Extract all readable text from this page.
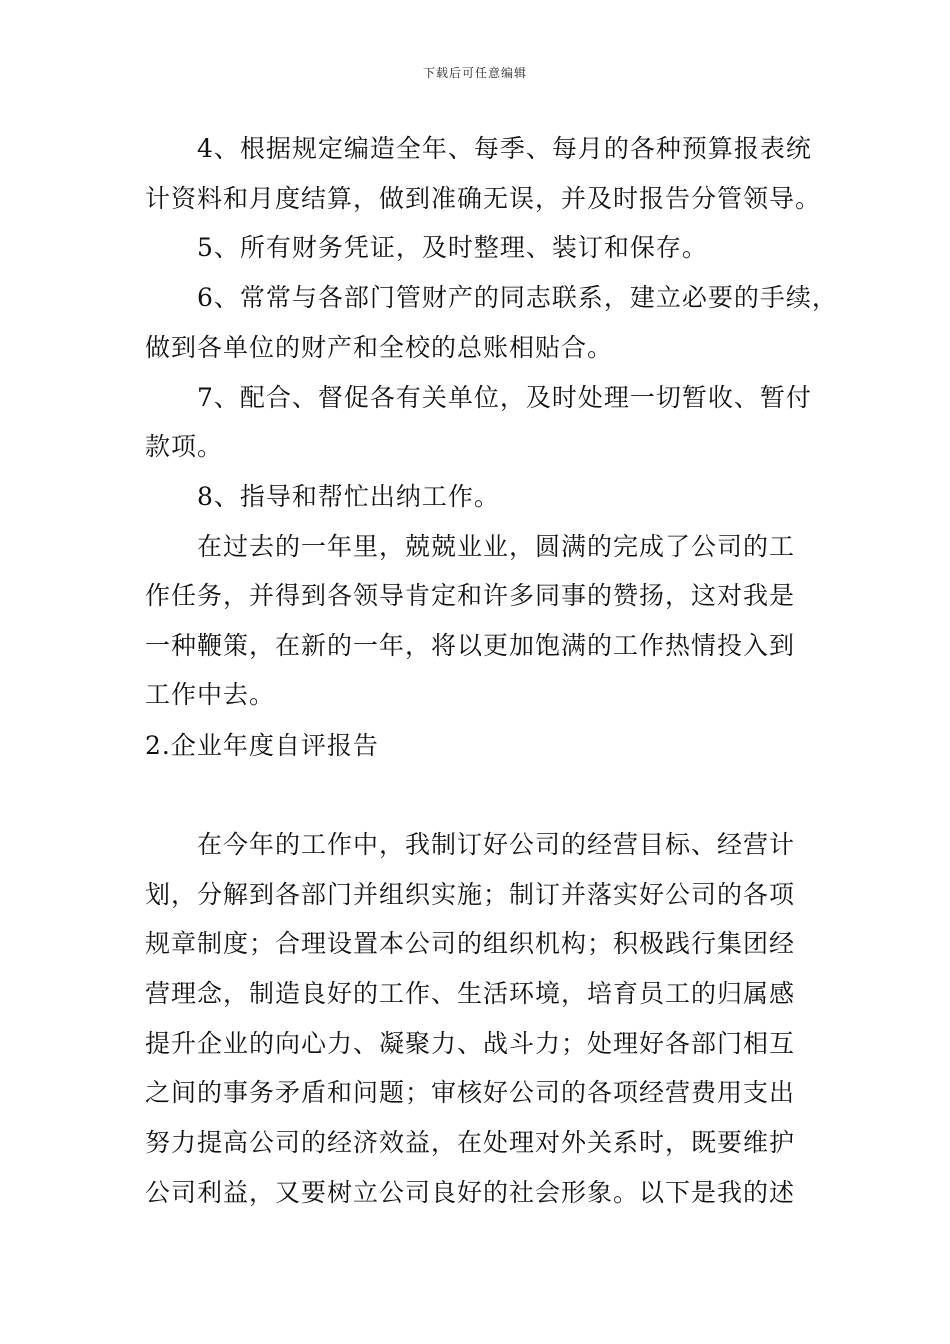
下载后可任意编辑
4、根据规定编造全年、每季、每月的各种预算报表统
计资料和月度结算，做到准确无误，并及时报告分管领导。
5、所有财务凭证，及时整理、装订和保存。
6、常常与各部门管财产的同志联系，建立必要的手续，
做到各单位的财产和全校的总账相贴合。
7、配合、督促各有关单位，及时处理一切暂收、暂付
款项。
8、指导和帮忙出纳工作。
在过去的一年里，兢兢业业，圆满的完成了公司的工
作任务，并得到各领导肯定和许多同事的赞扬，这对我是
一种鞭策，在新的一年，将以更加饱满的工作热情投入到
工作中去。
2.企业年度自评报告
在今年的工作中，我制订好公司的经营目标、经营计
划，分解到各部门并组织实施；制订并落实好公司的各项
规章制度；合理设置本公司的组织机构；积极践行集团经
营理念，制造良好的工作、生活环境，培育员工的归属感
提升企业的向心力、凝聚力、战斗力；处理好各部门相互
之间的事务矛盾和问题；审核好公司的各项经营费用支出
努力提高公司的经济效益，在处理对外关系时，既要维护
公司利益，又要树立公司良好的社会形象。以下是我的述
